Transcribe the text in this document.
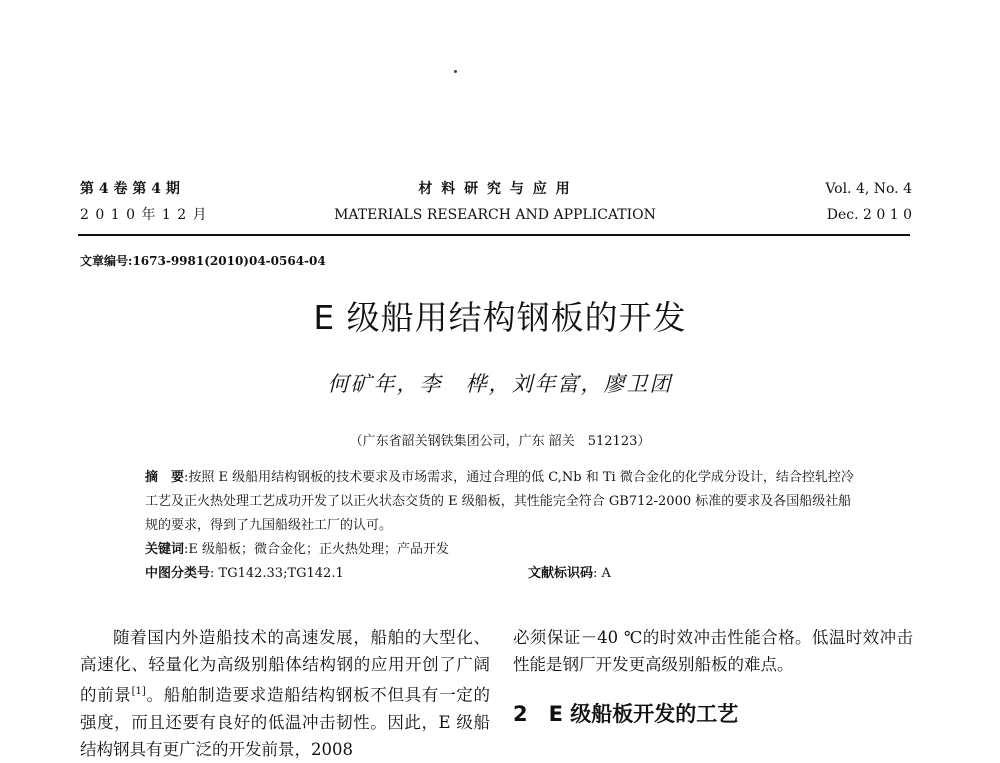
第 4 卷 第 4 期
2 0 1 0 年 1 2 月
材 料 研 究 与 应 用
MATERIALS RESEARCH AND APPLICATION
Vol. 4, No. 4
Dec. 2 0 1 0
文章编号:1673-9981(2010)04-0564-04
E 级船用结构钢板的开发
何矿年，李　桦，刘年富，廖卫团
（广东省韶关钢铁集团公司，广东 韶关　512123）
摘　要:按照 E 级船用结构钢板的技术要求及市场需求，通过合理的低 C,Nb 和 Ti 微合金化的化学成分设计，结合控轧控冷工艺及正火热处理工艺成功开发了以正火状态交货的 E 级船板，其性能完全符合 GB712-2000 标准的要求及各国船级社船规的要求，得到了九国船级社工厂的认可。
关键词:E 级船板；微合金化；正火热处理；产品开发
中图分类号: TG142.33;TG142.1	文献标识码: A
随着国内外造船技术的高速发展，船舶的大型化、高速化、轻量化为高级别船体结构钢的应用开创了广阔的前景[1]。船舶制造要求造船结构钢板不但具有一定的强度，而且还要有良好的低温冲击韧性。因此，E 级船结构钢具有更广泛的开发前景，2008
必须保证－40 ℃的时效冲击性能合格。低温时效冲击性能是钢厂开发更高级别船板的难点。
2　E 级船板开发的工艺
